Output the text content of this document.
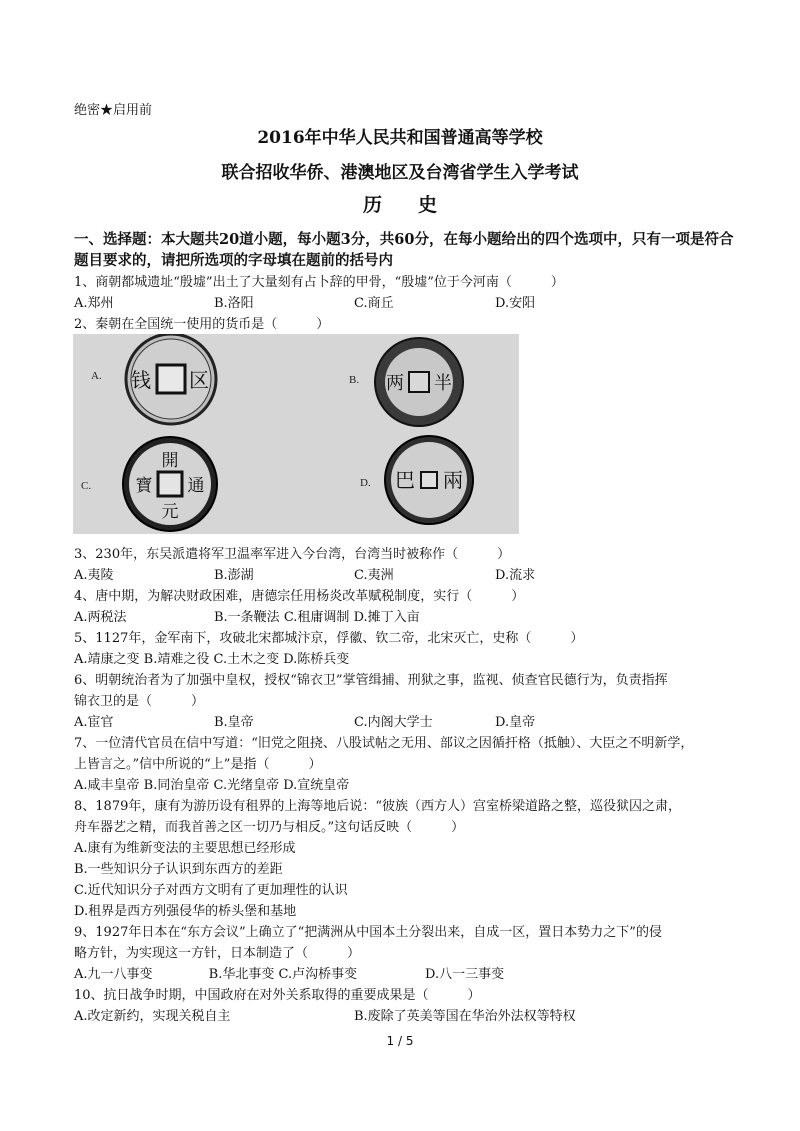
绝密★启用前
2016年中华人民共和国普通高等学校
联合招收华侨、港澳地区及台湾省学生入学考试
历史
一、选择题：本大题共20道小题，每小题3分，共60分，在每小题给出的四个选项中，只有一项是符合题目要求的，请把所选项的字母填在题前的括号内
1、商朝都城遗址“殷墟”出土了大量刻有占卜辞的甲骨，“殷墟”位于今河南（　　　）
A.郑州	B.洛阳	C.商丘	D.安阳
2、秦朝在全国统一使用的货币是（　　　）
A. 钱 区	B. 两 半
C.
開
通
元
寶	D.	兩
巴
3、230年，东吴派遣将军卫温率军进入今台湾，台湾当时被称作（　　　）
A.夷陵	B.澎湖	C.夷洲	D.流求
4、唐中期，为解决财政困难，唐德宗任用杨炎改革赋税制度，实行（　　　）
A.两税法	B.一条鞭法 C.租庸调制 D.摊丁入亩
5、1127年，金军南下，攻破北宋都城汴京，俘徽、钦二帝，北宋灭亡，史称（　　　）
A.靖康之变 B.靖难之役 C.土木之变 D.陈桥兵变
6、明朝统治者为了加强中皇权，授权“锦衣卫”掌管缉捕、刑狱之事，监视、侦查官民德行为，负责指挥
锦衣卫的是（　　　）
A.宦官	B.皇帝	C.内阁大学士	D.皇帝
7、一位清代官员在信中写道：“旧党之阻挠、八股试帖之无用、部议之因循扞格（抵触）、大臣之不明新学，
上皆言之。”信中所说的“上”是指（　　　）
A.咸丰皇帝 B.同治皇帝 C.光绪皇帝 D.宣统皇帝
8、1879年，康有为游历设有租界的上海等地后说：“彼族（西方人）宫室桥梁道路之整，巡役狱囚之肃，
舟车器艺之精，而我首善之区一切乃与相反。”这句话反映（　　　）
A.康有为维新变法的主要思想已经形成
B.一些知识分子认识到东西方的差距
C.近代知识分子对西方文明有了更加理性的认识
D.租界是西方列强侵华的桥头堡和基地
9、1927年日本在“东方会议”上确立了“把满洲从中国本土分裂出来，自成一区，置日本势力之下”的侵
略方针，为实现这一方针，日本制造了（　　　）
A.九一八事变　　　　 B.华北事变 C.卢沟桥事变	D.八一三事变
10、抗日战争时期，中国政府在对外关系取得的重要成果是（　　　）
A.改定新约，实现关税自主	B.废除了英美等国在华治外法权等特权
1 / 5
